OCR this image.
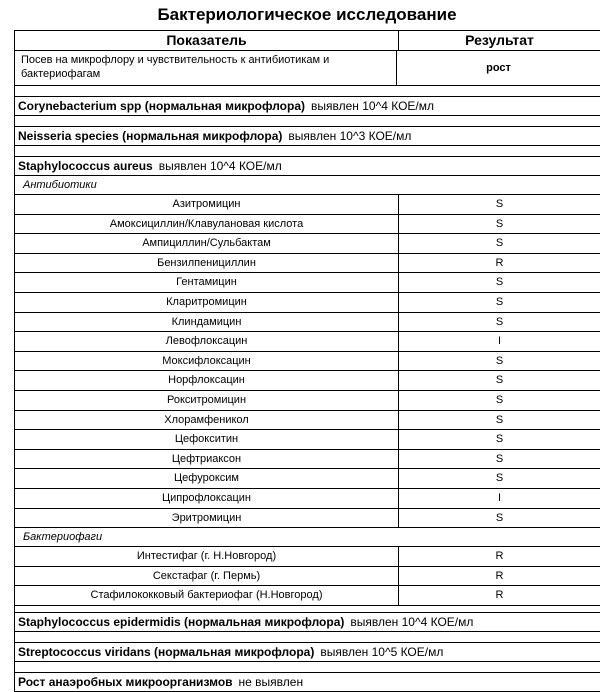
Бактериологическое исследование
Показатель	Результат
Посев на микрофлору и чувствительность к антибиотикам и бактериофагам	рост
Corynebacterium spp (нормальная микрофлора) выявлен 10^4 КОЕ/мл
Neisseria species (нормальная микрофлора) выявлен 10^3 КОЕ/мл
Staphylococcus aureus выявлен 10^4 КОЕ/мл
Антибиотики
Азитромицин	S
Амоксициллин/Клавулановая кислота	S
Ампициллин/Сульбактам	S
Бензилпенициллин	R
Гентамицин	S
Кларитромицин	S
Клиндамицин	S
Левофлоксацин	I
Моксифлоксацин	S
Норфлоксацин	S
Рокситромицин	S
Хлорамфеникол	S
Цефокситин	S
Цефтриаксон	S
Цефуроксим	S
Ципрофлоксацин	I
Эритромицин	S
Бактериофаги
Интестифаг (г. Н.Новгород)	R
Секстафаг (г. Пермь)	R
Стафилококковый бактериофаг (Н.Новгород)	R
Staphylococcus epidermidis (нормальная микрофлора) выявлен 10^4 КОЕ/мл
Streptococcus viridans (нормальная микрофлора) выявлен 10^5 КОЕ/мл
Рост анаэробных микроорганизмов не выявлен
